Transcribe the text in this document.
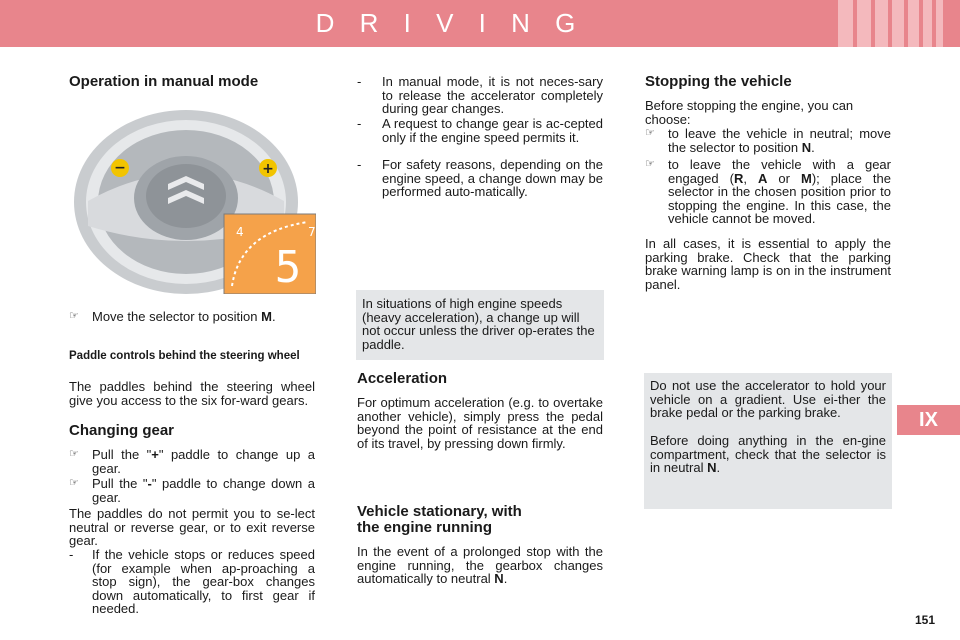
D R I V I N G
IX
Operation in manual mode
−	+
4	7
5
☞	Move the selector to position M.
Paddle controls behind the steering wheel

The paddles behind the steering wheel give you access to the six for-ward gears.

Changing gear
☞	Pull the "+" paddle to change up a gear.
☞	Pull the "-" paddle to change down a gear.

The paddles do not permit you to se-lect neutral or reverse gear, or to exit reverse gear.

-	If the vehicle stops or reduces speed (for example when ap-proaching a stop sign), the gear-box changes down automatically, to first gear if needed.
-	In manual mode, it is not neces-sary to release the accelerator completely during gear changes.
-	A request to change gear is ac-cepted only if the engine speed permits it.
-	For safety reasons, depending on the engine speed, a change down may be performed auto-matically.

In situations of high engine speeds (heavy acceleration), a change up will not occur unless the driver op-erates the paddle.

Acceleration

For optimum acceleration (e.g. to overtake another vehicle), simply press the pedal beyond the point of resistance at the end of its travel, by pressing down firmly.

Vehicle stationary, with
the engine running

In the event of a prolonged stop with the engine running, the gearbox changes automatically to neutral N.

Stopping the vehicle

Before stopping the engine, you can choose:

☞	to leave the vehicle in neutral; move the selector to position N.
☞	to leave the vehicle with a gear engaged (R, A or M); place the selector in the chosen position prior to stopping the engine. In this case, the vehicle cannot be moved.

In all cases, it is essential to apply the parking brake. Check that the parking brake warning lamp is on in the instrument panel.

Do not use the accelerator to hold your vehicle on a gradient. Use ei-ther the brake pedal or the parking brake.

Before doing anything in the en-gine compartment, check that the selector is in neutral N.

151
